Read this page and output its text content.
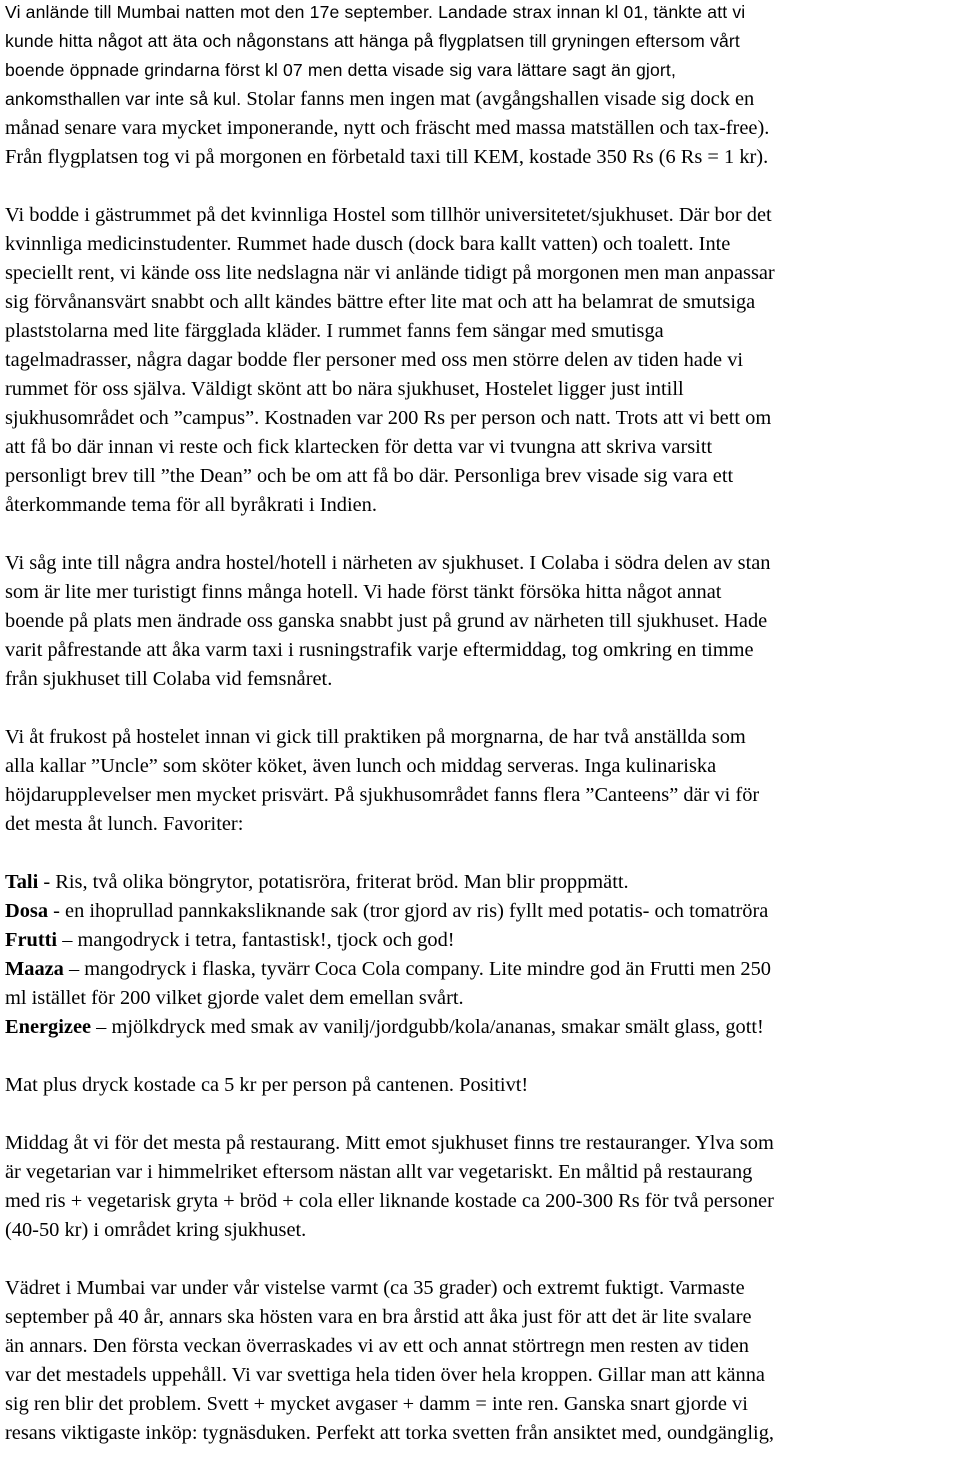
Vi anlände till Mumbai natten mot den 17e september. Landade strax innan kl 01, tänkte att vi
kunde hitta något att äta och någonstans att hänga på flygplatsen till gryningen eftersom vårt
boende öppnade grindarna först kl 07 men detta visade sig vara lättare sagt än gjort,
ankomsthallen var inte så kul. Stolar fanns men ingen mat (avgångshallen visade sig dock en
månad senare vara mycket imponerande, nytt och fräscht med massa matställen och tax-free).
Från flygplatsen tog vi på morgonen en förbetald taxi till KEM, kostade 350 Rs (6 Rs = 1 kr).

Vi bodde i gästrummet på det kvinnliga Hostel som tillhör universitetet/sjukhuset. Där bor det
kvinnliga medicinstudenter. Rummet hade dusch (dock bara kallt vatten) och toalett. Inte
speciellt rent, vi kände oss lite nedslagna när vi anlände tidigt på morgonen men man anpassar
sig förvånansvärt snabbt och allt kändes bättre efter lite mat och att ha belamrat de smutsiga
plaststolarna med lite färgglada kläder. I rummet fanns fem sängar med smutisga
tagelmadrasser, några dagar bodde fler personer med oss men större delen av tiden hade vi
rummet för oss själva. Väldigt skönt att bo nära sjukhuset, Hostelet ligger just intill
sjukhusområdet och ”campus”. Kostnaden var 200 Rs per person och natt. Trots att vi bett om
att få bo där innan vi reste och fick klartecken för detta var vi tvungna att skriva varsitt
personligt brev till ”the Dean” och be om att få bo där. Personliga brev visade sig vara ett
återkommande tema för all byråkrati i Indien.

Vi såg inte till några andra hostel/hotell i närheten av sjukhuset. I Colaba i södra delen av stan
som är lite mer turistigt finns många hotell. Vi hade först tänkt försöka hitta något annat
boende på plats men ändrade oss ganska snabbt just på grund av närheten till sjukhuset. Hade
varit påfrestande att åka varm taxi i rusningstrafik varje eftermiddag, tog omkring en timme
från sjukhuset till Colaba vid femsnåret.

Vi åt frukost på hostelet innan vi gick till praktiken på morgnarna, de har två anställda som
alla kallar ”Uncle” som sköter köket, även lunch och middag serveras. Inga kulinariska
höjdarupplevelser men mycket prisvärt. På sjukhusområdet fanns flera ”Canteens” där vi för
det mesta åt lunch. Favoriter:

Tali - Ris, två olika böngrytor, potatisröra, friterat bröd. Man blir proppmätt.
Dosa - en ihoprullad pannkaksliknande sak (tror gjord av ris) fyllt med potatis- och tomatröra
Frutti – mangodryck i tetra, fantastisk!, tjock och god!
Maaza – mangodryck i flaska, tyvärr Coca Cola company. Lite mindre god än Frutti men 250
ml istället för 200 vilket gjorde valet dem emellan svårt.
Energizee – mjölkdryck med smak av vanilj/jordgubb/kola/ananas, smakar smält glass, gott!

Mat plus dryck kostade ca 5 kr per person på cantenen. Positivt!

Middag åt vi för det mesta på restaurang. Mitt emot sjukhuset finns tre restauranger. Ylva som
är vegetarian var i himmelriket eftersom nästan allt var vegetariskt. En måltid på restaurang
med ris + vegetarisk gryta + bröd + cola eller liknande kostade ca 200-300 Rs för två personer
(40-50 kr) i området kring sjukhuset.

Vädret i Mumbai var under vår vistelse varmt (ca 35 grader) och extremt fuktigt. Varmaste
september på 40 år, annars ska hösten vara en bra årstid att åka just för att det är lite svalare
än annars. Den första veckan överraskades vi av ett och annat störtregn men resten av tiden
var det mestadels uppehåll. Vi var svettiga hela tiden över hela kroppen. Gillar man att känna
sig ren blir det problem. Svett + mycket avgaser + damm = inte ren. Ganska snart gjorde vi
resans viktigaste inköp: tygnäsduken. Perfekt att torka svetten från ansiktet med, oundgänglig,
